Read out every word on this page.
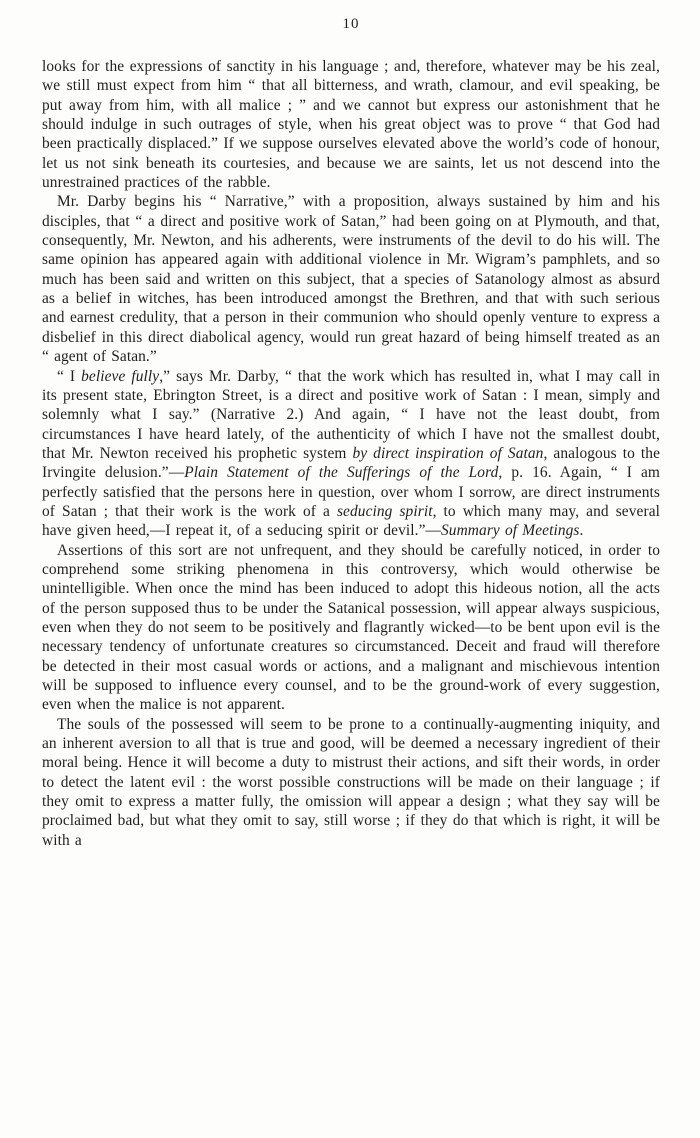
10

looks for the expressions of sanctity in his language ; and, therefore, whatever may be his zeal, we still must expect from him “ that all bitterness, and wrath, clamour, and evil speaking, be put away from him, with all malice ; ” and we cannot but express our astonishment that he should indulge in such outrages of style, when his great object was to prove “ that God had been practically displaced.” If we suppose ourselves elevated above the world’s code of honour, let us not sink beneath its courtesies, and because we are saints, let us not descend into the unrestrained practices of the rabble.

Mr. Darby begins his “ Narrative,” with a proposition, always sustained by him and his disciples, that “ a direct and positive work of Satan,” had been going on at Plymouth, and that, consequently, Mr. Newton, and his adherents, were instruments of the devil to do his will. The same opinion has appeared again with additional violence in Mr. Wigram’s pamphlets, and so much has been said and written on this subject, that a species of Satanology almost as absurd as a belief in witches, has been introduced amongst the Brethren, and that with such serious and earnest credulity, that a person in their communion who should openly venture to express a disbelief in this direct diabolical agency, would run great hazard of being himself treated as an “ agent of Satan.”

“ I believe fully,” says Mr. Darby, “ that the work which has resulted in, what I may call in its present state, Ebrington Street, is a direct and positive work of Satan : I mean, simply and solemnly what I say.” (Narrative 2.) And again, “ I have not the least doubt, from circumstances I have heard lately, of the authenticity of which I have not the smallest doubt, that Mr. Newton received his prophetic system by direct inspiration of Satan, analogous to the Irvingite delusion.”—Plain Statement of the Sufferings of the Lord, p. 16. Again, “ I am perfectly satisfied that the persons here in question, over whom I sorrow, are direct instruments of Satan ; that their work is the work of a seducing spirit, to which many may, and several have given heed,—I repeat it, of a seducing spirit or devil.”—Summary of Meetings.

Assertions of this sort are not unfrequent, and they should be carefully noticed, in order to comprehend some striking phenomena in this controversy, which would otherwise be unintelligible. When once the mind has been induced to adopt this hideous notion, all the acts of the person supposed thus to be under the Satanical possession, will appear always suspicious, even when they do not seem to be positively and flagrantly wicked—to be bent upon evil is the necessary tendency of unfortunate creatures so circumstanced. Deceit and fraud will therefore be detected in their most casual words or actions, and a malignant and mischievous intention will be supposed to influence every counsel, and to be the ground-work of every suggestion, even when the malice is not apparent.

The souls of the possessed will seem to be prone to a continually-augmenting iniquity, and an inherent aversion to all that is true and good, will be deemed a necessary ingredient of their moral being. Hence it will become a duty to mistrust their actions, and sift their words, in order to detect the latent evil : the worst possible constructions will be made on their language ; if they omit to express a matter fully, the omission will appear a design ; what they say will be proclaimed bad, but what they omit to say, still worse ; if they do that which is right, it will be with a
